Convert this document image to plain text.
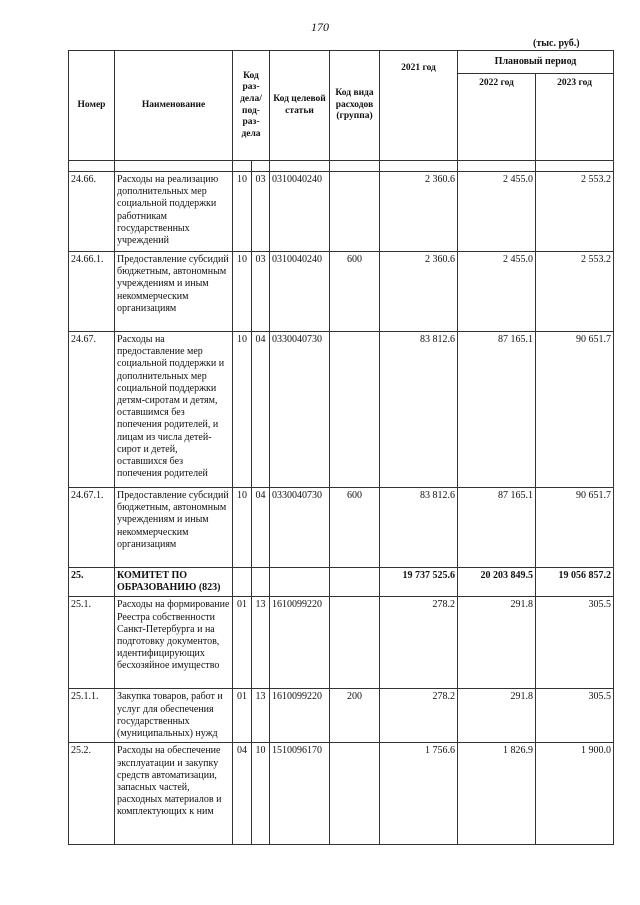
170
(тыс. руб.)
Номер	Наименование	Код раз-дела/ под-раз-дела		Код целевой статьи	Код вида расходов (группа)	2021 год	Плановый период	
							2022 год	2023 год

24.66.	Расходы на реализацию дополнительных мер социальной поддержки работникам государственных учреждений	10	03	0310040240		2 360.6	2 455.0	2 553.2
24.66.1.	Предоставление субсидий бюджетным, автономным учреждениям и иным некоммерческим организациям	10	03	0310040240	600	2 360.6	2 455.0	2 553.2
24.67.	Расходы на предоставление мер социальной поддержки и дополнительных мер социальной поддержки детям-сиротам и детям, оставшимся без попечения родителей, и лицам из числа детей-сирот и детей, оставшихся без попечения родителей	10	04	0330040730		83 812.6	87 165.1	90 651.7
24.67.1.	Предоставление субсидий бюджетным, автономным учреждениям и иным некоммерческим организациям	10	04	0330040730	600	83 812.6	87 165.1	90 651.7
25.	КОМИТЕТ ПО ОБРАЗОВАНИЮ (823)					19 737 525.6	20 203 849.5	19 056 857.2
25.1.	Расходы на формирование Реестра собственности Санкт-Петербурга и на подготовку документов, идентифицирующих бесхозяйное имущество	01	13	1610099220		278.2	291.8	305.5
25.1.1.	Закупка товаров, работ и услуг для обеспечения государственных (муниципальных) нужд	01	13	1610099220	200	278.2	291.8	305.5
25.2.	Расходы на обеспечение эксплуатации и закупку средств автоматизации, запасных частей, расходных материалов и комплектующих к ним	04	10	1510096170		1 756.6	1 826.9	1 900.0
